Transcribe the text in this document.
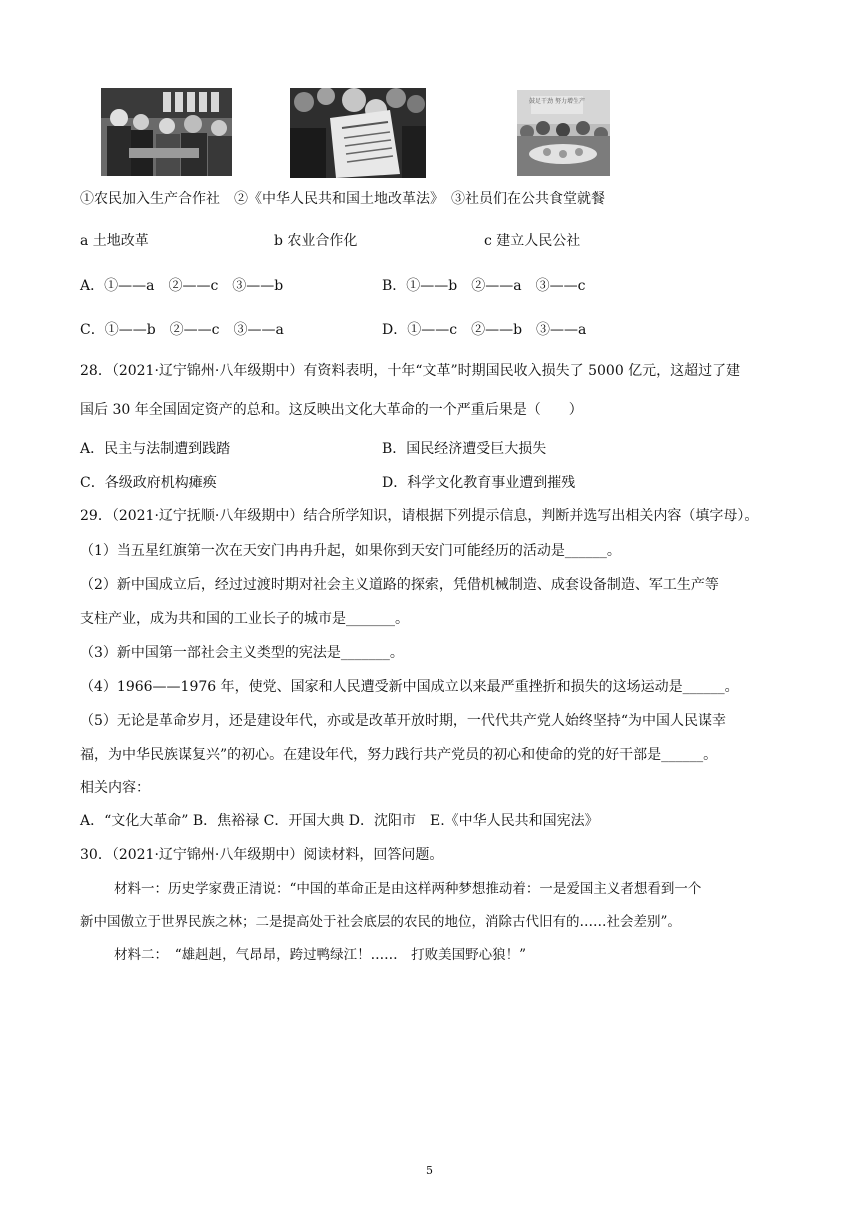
鼓足干劲 努力增生产
①农民加入生产合作社　②《中华人民共和国土地改革法》　③社员们在公共食堂就餐
a 土地改革	b 农业合作化	c 建立人民公社
A．①——a　②——c　③——b	B．①——b　②——a　③——c
C．①——b　②——c　③——a	D．①——c　②——b　③——a
28．（2021·辽宁锦州·八年级期中）有资料表明，十年“文革”时期国民收入损失了 5000 亿元，这超过了建
国后 30 年全国固定资产的总和。这反映出文化大革命的一个严重后果是（　　）
A．民主与法制遭到践踏	B．国民经济遭受巨大损失
C．各级政府机构瘫痪	D．科学文化教育事业遭到摧残
29．（2021·辽宁抚顺·八年级期中）结合所学知识，请根据下列提示信息，判断并选写出相关内容（填字母）。
（1）当五星红旗第一次在天安门冉冉升起，如果你到天安门可能经历的活动是______。
（2）新中国成立后，经过过渡时期对社会主义道路的探索，凭借机械制造、成套设备制造、军工生产等
支柱产业，成为共和国的工业长子的城市是_______。
（3）新中国第一部社会主义类型的宪法是_______。
（4）1966——1976 年，使党、国家和人民遭受新中国成立以来最严重挫折和损失的这场运动是______。
（5）无论是革命岁月，还是建设年代，亦或是改革开放时期，一代代共产党人始终坚持“为中国人民谋幸
福，为中华民族谋复兴”的初心。在建设年代，努力践行共产党员的初心和使命的党的好干部是______。
相关内容：
A．“文化大革命” B．焦裕禄 C．开国大典 D．沈阳市　E.《中华人民共和国宪法》
30．（2021·辽宁锦州·八年级期中）阅读材料，回答问题。
材料一：历史学家费正清说：“中国的革命正是由这样两种梦想推动着：一是爱国主义者想看到一个
新中国傲立于世界民族之林；二是提高处于社会底层的农民的地位，消除古代旧有的……社会差别”。
材料二：　“雄赳赳，气昂昂，跨过鸭绿江！……　打败美国野心狼！”
5
